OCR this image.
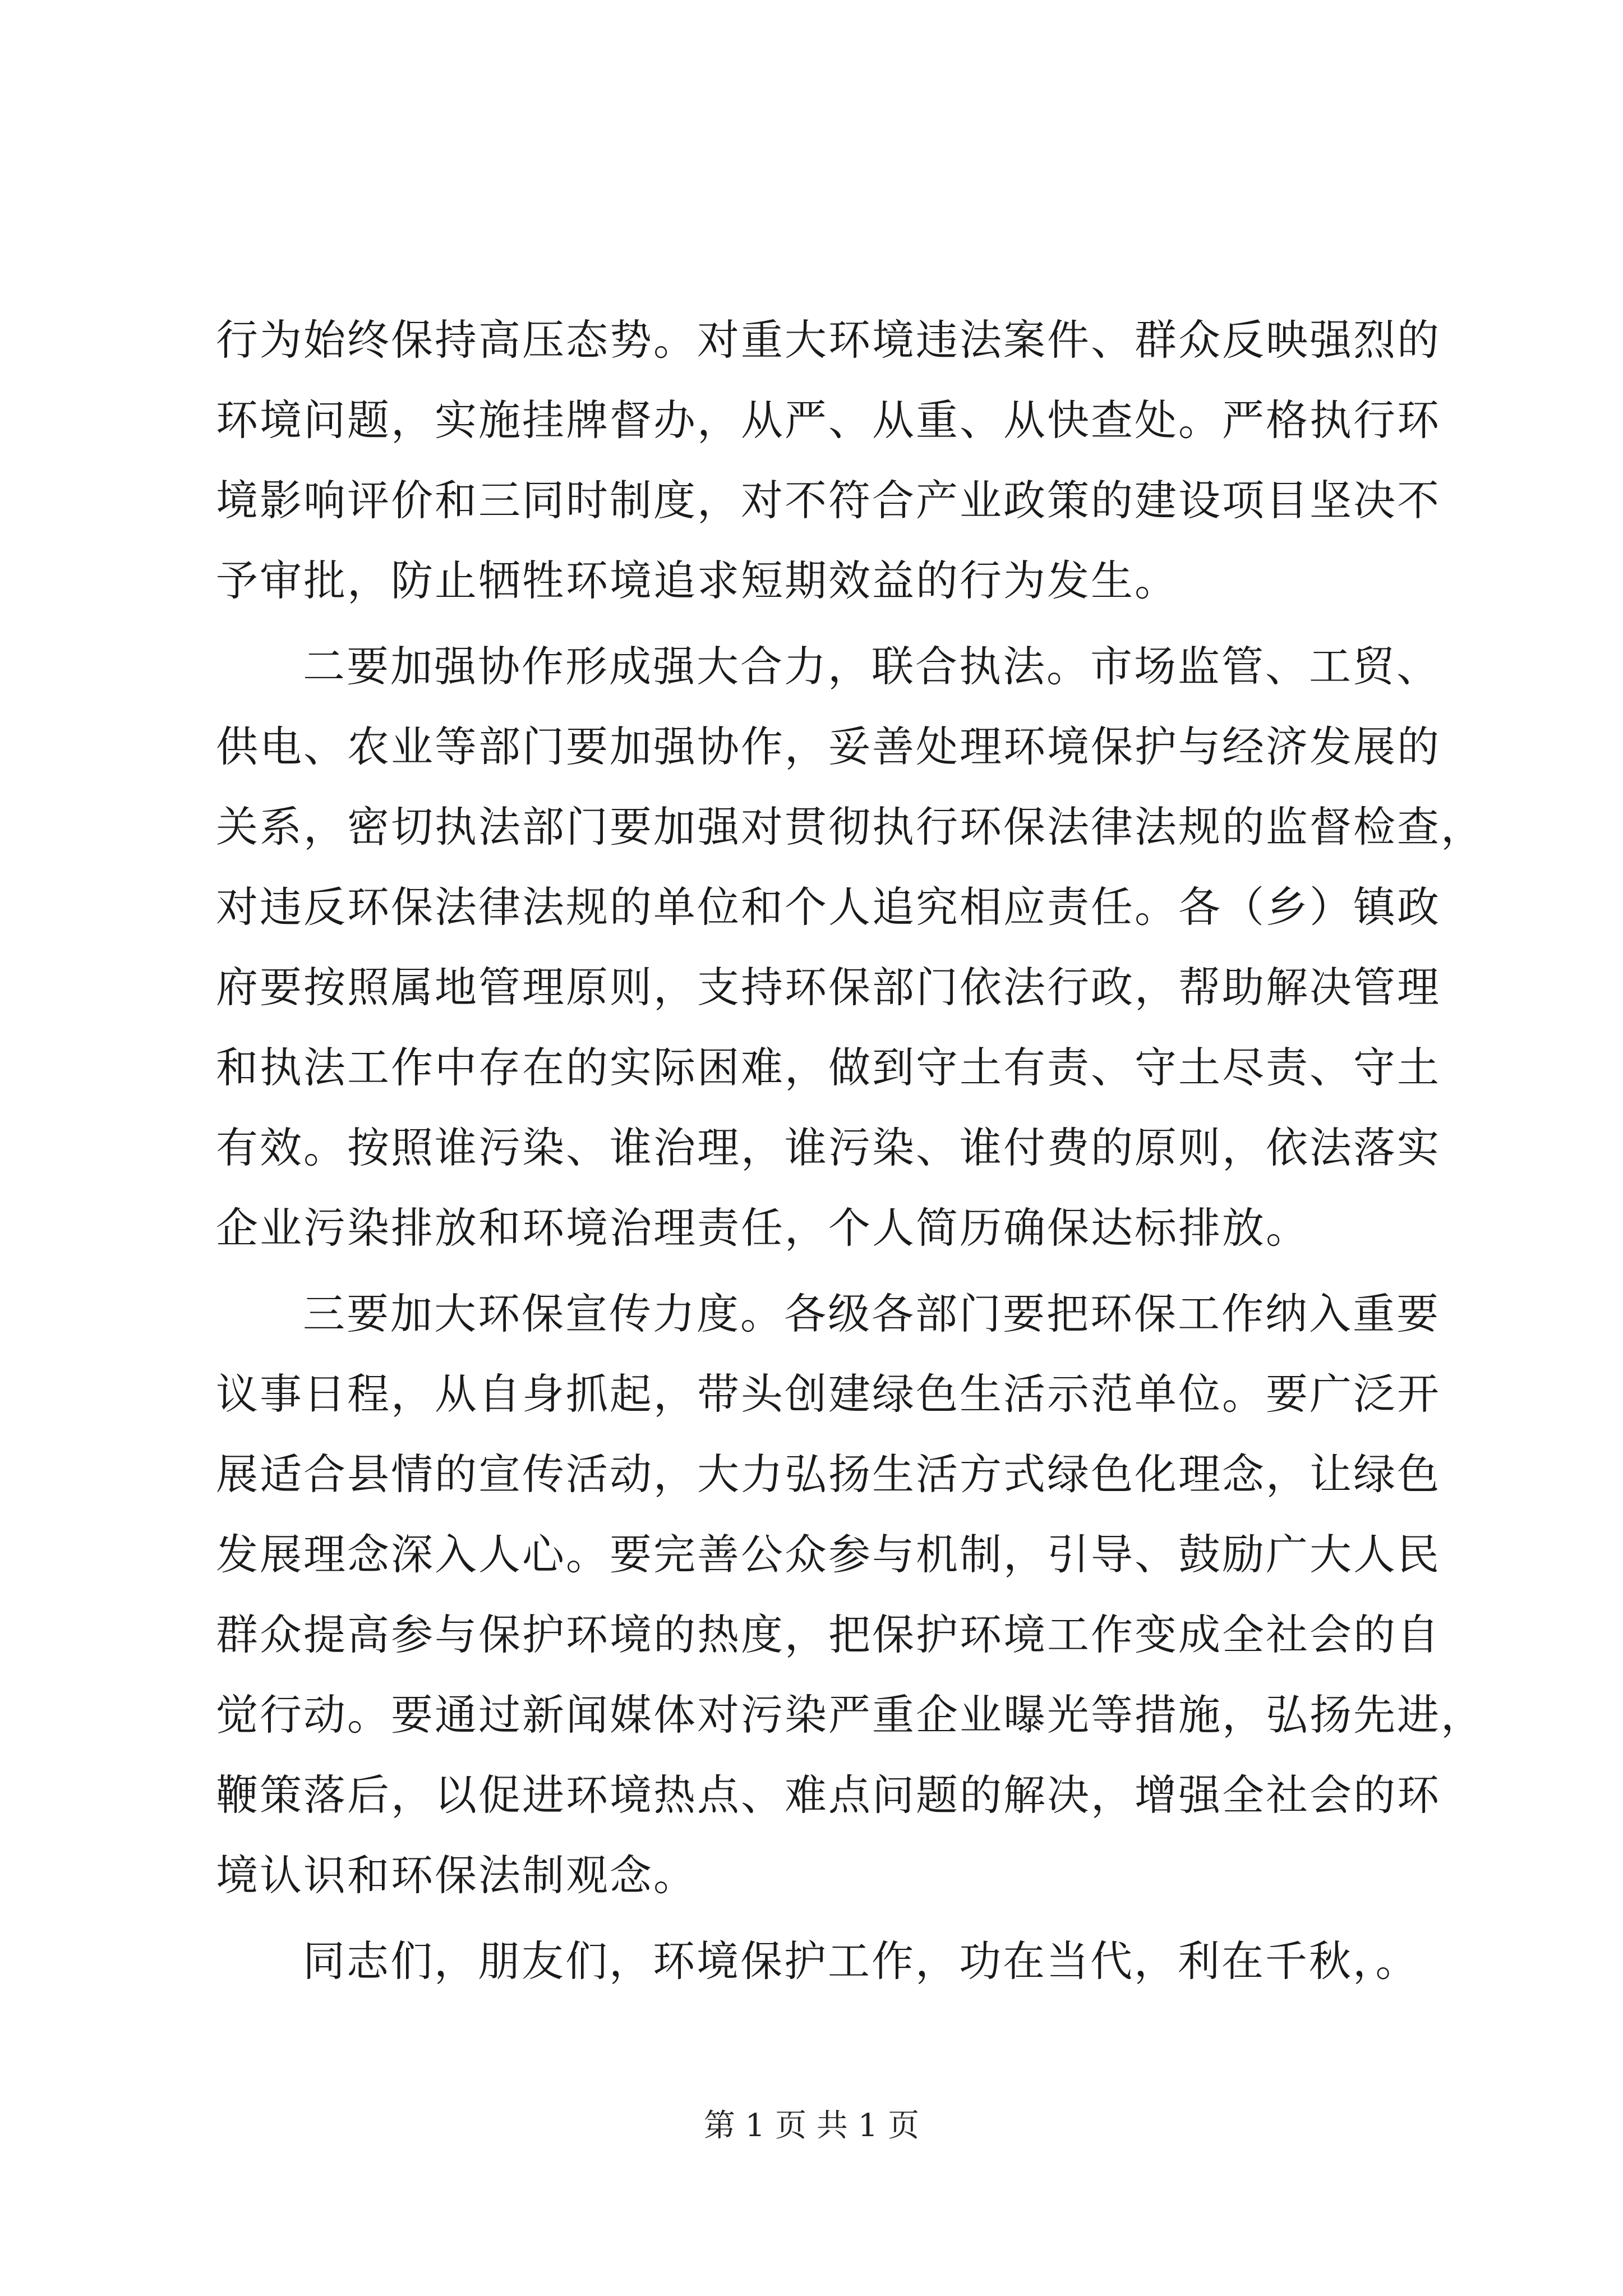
行为始终保持高压态势。对重大环境违法案件、群众反映强烈的
环境问题，实施挂牌督办，从严、从重、从快查处。严格执行环
境影响评价和三同时制度，对不符合产业政策的建设项目坚决不
予审批，防止牺牲环境追求短期效益的行为发生。
二要加强协作形成强大合力，联合执法。市场监管、工贸、
供电、农业等部门要加强协作，妥善处理环境保护与经济发展的
关系，密切执法部门要加强对贯彻执行环保法律法规的监督检查，
对违反环保法律法规的单位和个人追究相应责任。各（乡）镇政
府要按照属地管理原则，支持环保部门依法行政，帮助解决管理
和执法工作中存在的实际困难，做到守土有责、守土尽责、守土
有效。按照谁污染、谁治理，谁污染、谁付费的原则，依法落实
企业污染排放和环境治理责任，个人简历确保达标排放。
三要加大环保宣传力度。各级各部门要把环保工作纳入重要
议事日程，从自身抓起，带头创建绿色生活示范单位。要广泛开
展适合县情的宣传活动，大力弘扬生活方式绿色化理念，让绿色
发展理念深入人心。要完善公众参与机制，引导、鼓励广大人民
群众提高参与保护环境的热度，把保护环境工作变成全社会的自
觉行动。要通过新闻媒体对污染严重企业曝光等措施，弘扬先进，
鞭策落后，以促进环境热点、难点问题的解决，增强全社会的环
境认识和环保法制观念。
同志们，朋友们，环境保护工作，功在当代，利在千秋，。
第 1 页 共 1 页
